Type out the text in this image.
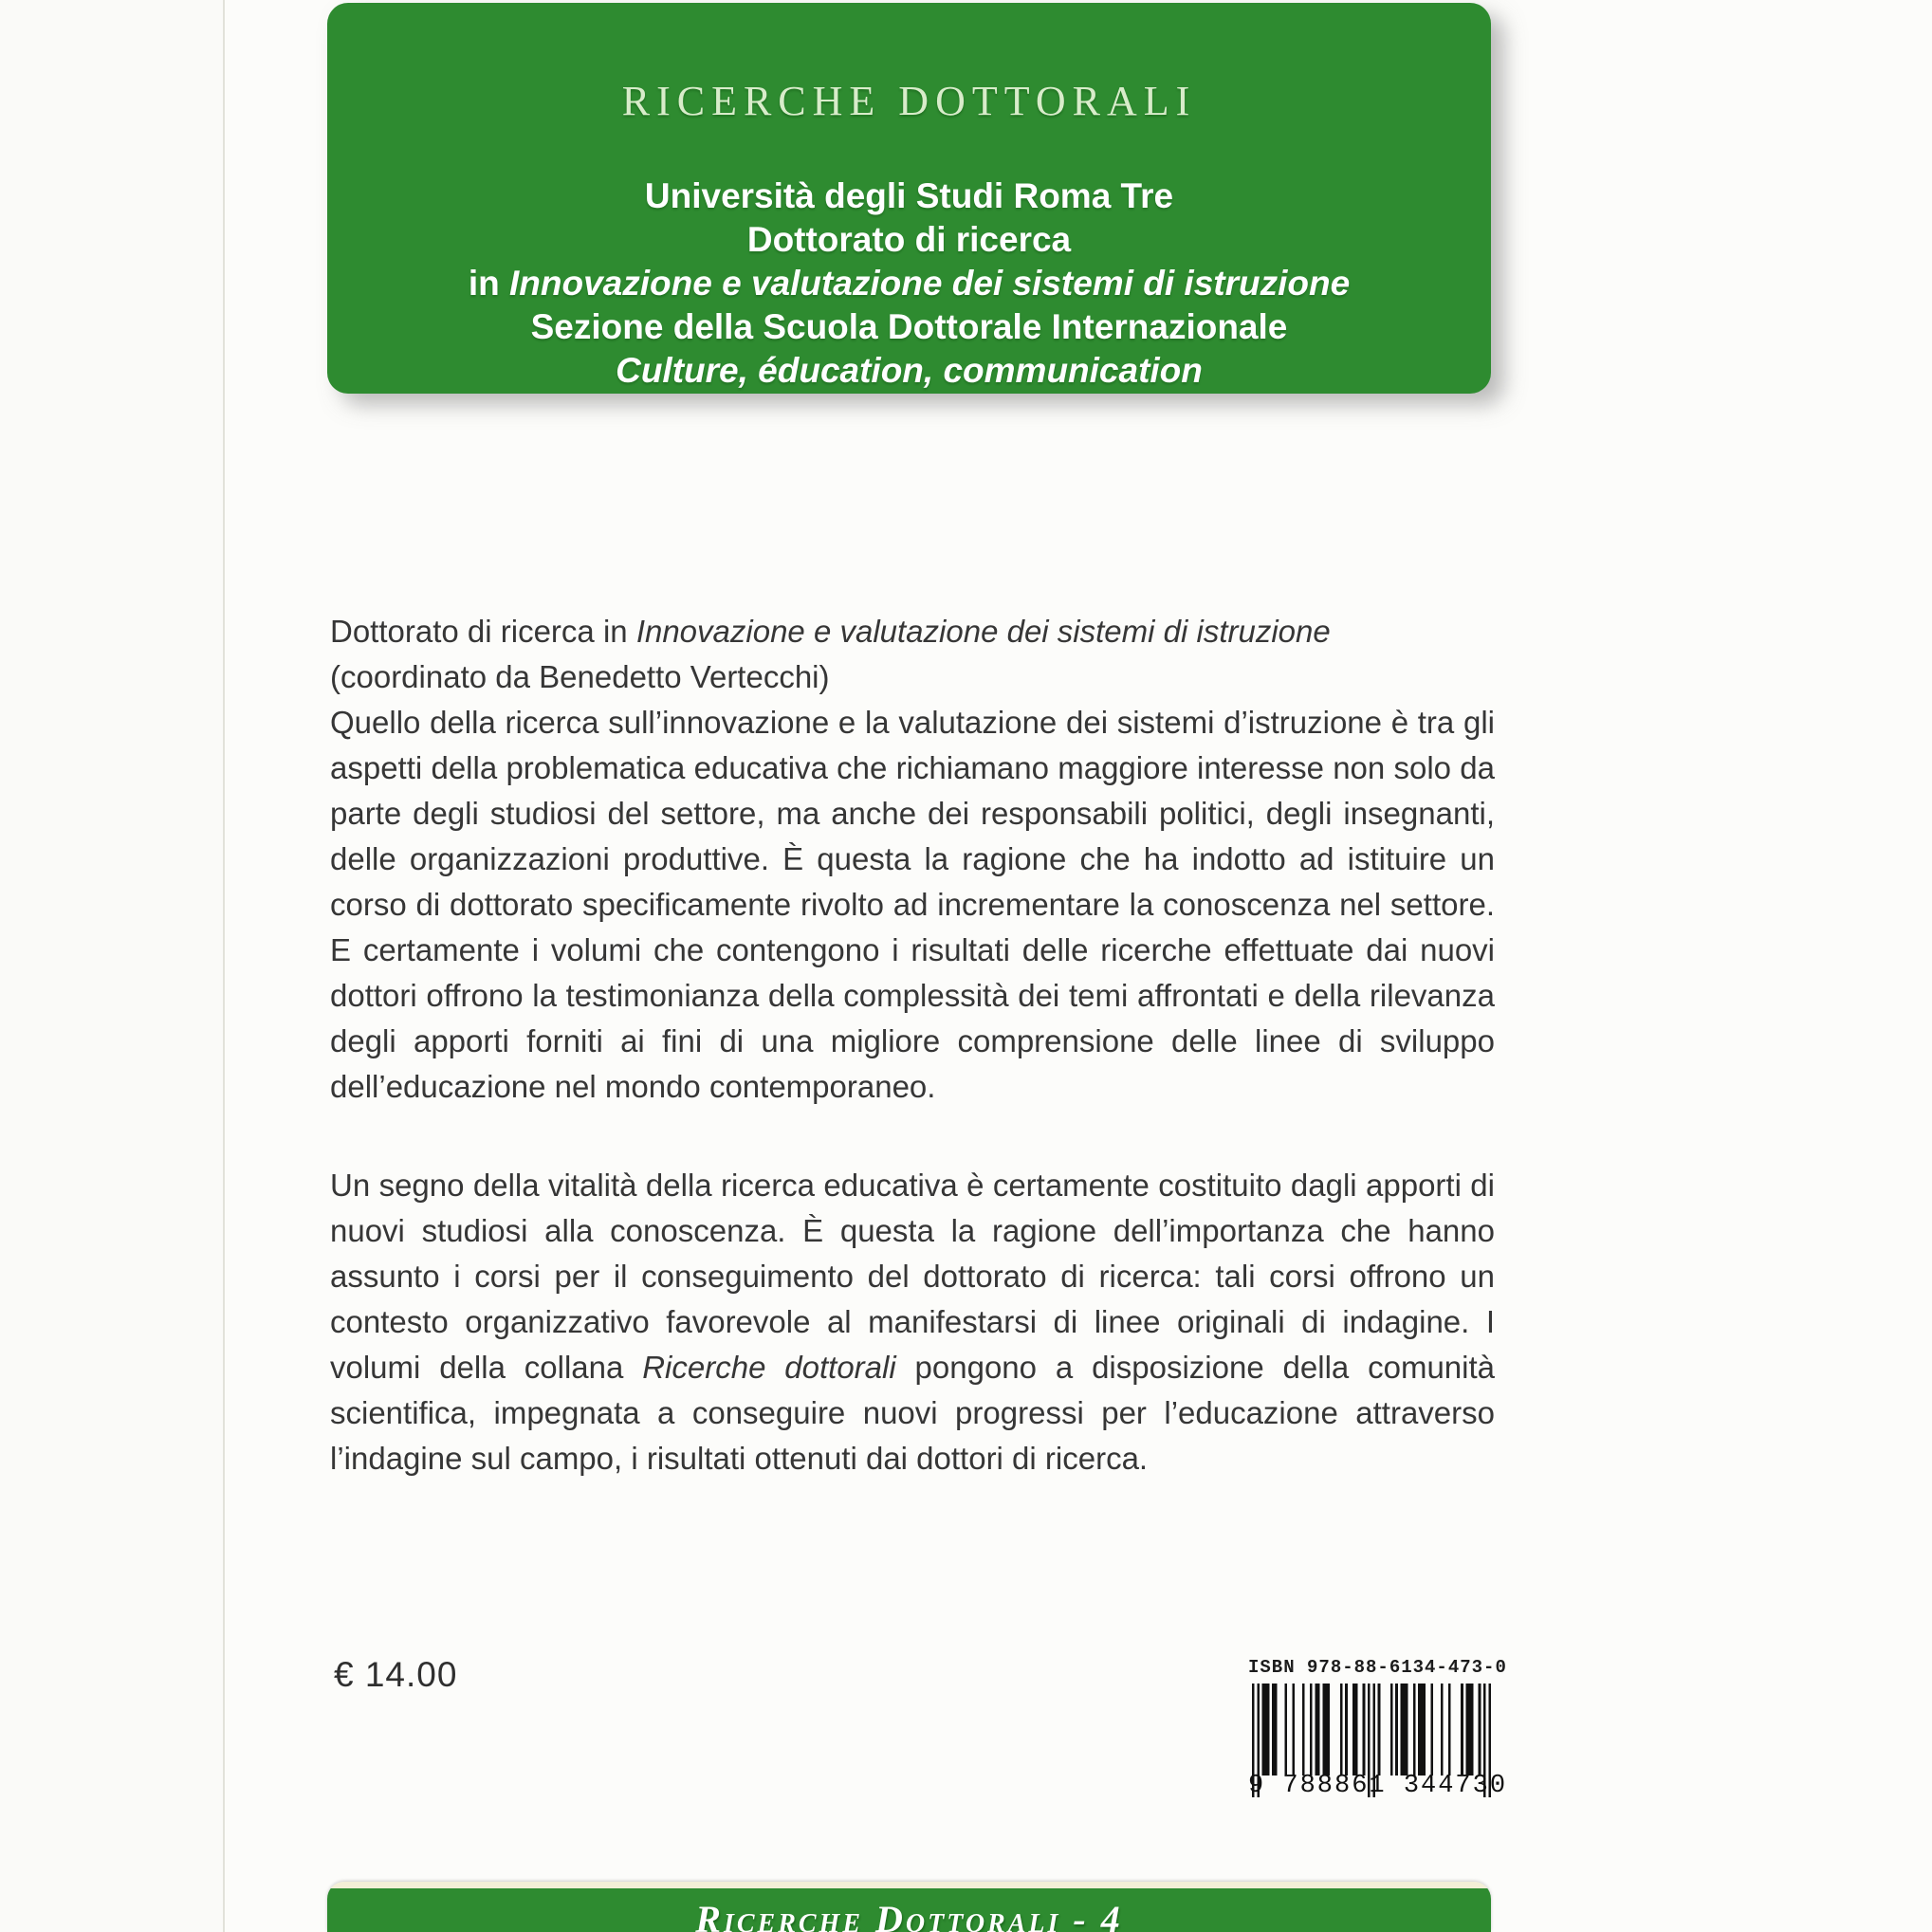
RICERCHE DOTTORALI
Università degli Studi Roma Tre
Dottorato di ricerca
in Innovazione e valutazione dei sistemi di istruzione
Sezione della Scuola Dottorale Internazionale
Culture, éducation, communication
Dottorato di ricerca in Innovazione e valutazione dei sistemi di istruzione
(coordinato da Benedetto Vertecchi)
Quello della ricerca sull’innovazione e la valutazione dei sistemi d’istruzione è tra gli aspetti della problematica educativa che richiamano maggiore interesse non solo da parte degli studiosi del settore, ma anche dei responsabili politici, degli insegnanti, delle organizzazioni produttive. È questa la ragione che ha indotto ad istituire un corso di dottorato specificamente rivolto ad incrementare la conoscenza nel settore. E certamente i volumi che contengono i risultati delle ricerche effettuate dai nuovi dottori offrono la testimonianza della complessità dei temi affrontati e della rilevanza degli apporti forniti ai fini di una migliore comprensione delle linee di sviluppo dell’educazione nel mondo contemporaneo.
Un segno della vitalità della ricerca educativa è certamente costituito dagli apporti di nuovi studiosi alla conoscenza. È questa la ragione dell’importanza che hanno assunto i corsi per il conseguimento del dottorato di ricerca: tali corsi offrono un contesto organizzativo favorevole al manifestarsi di linee originali di indagine. I volumi della collana Ricerche dottorali pongono a disposizione della comunità scientifica, impegnata a conseguire nuovi progressi per l’educazione attraverso l’indagine sul campo, i risultati ottenuti dai dottori di ricerca.
€ 14.00	ISBN 978-88-6134-473-0
9 788861 344730
Ricerche Dottorali - 4
